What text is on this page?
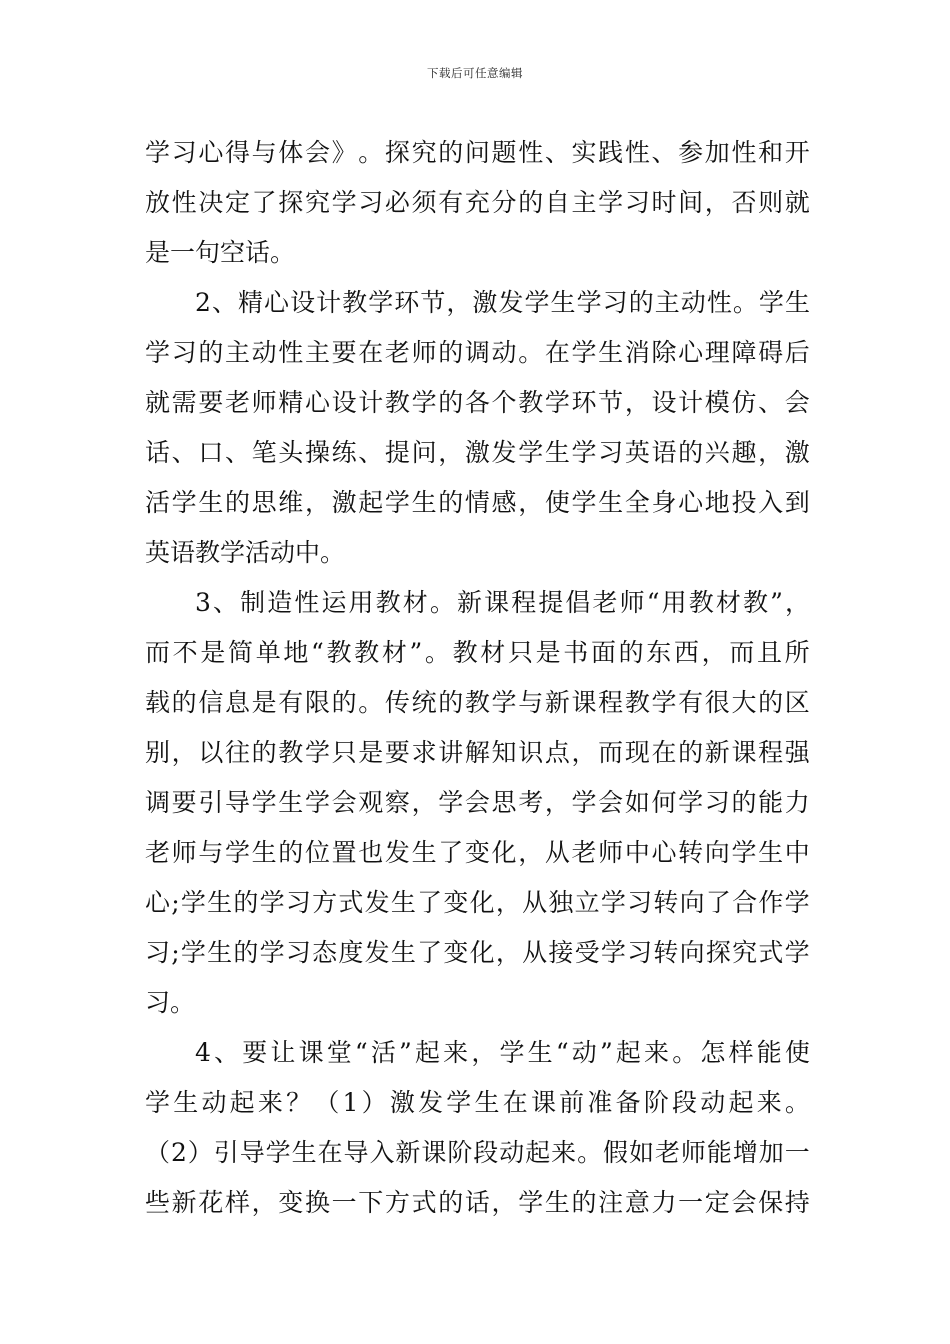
下载后可任意编辑
学 习 心 得 与 体 会 》 。 探 究 的 问 题 性 、 实 践 性 、 参 加 性 和 开
放 性 决 定 了 探 究 学 习 必 须 有 充 分 的 自 主 学 习 时 间 ， 否 则 就
是一句空话。
2 、 精 心 设 计 教 学 环 节 ， 激 发 学 生 学 习 的 主 动 性 。 学 生
学 习 的 主 动 性 主 要 在 老 师 的 调 动 。 在 学 生 消 除 心 理 障 碍 后
就 需 要 老 师 精 心 设 计 教 学 的 各 个 教 学 环 节 ， 设 计 模 仿 、 会
话 、 口 、 笔 头 操 练 、 提 问 ， 激 发 学 生 学 习 英 语 的 兴 趣 ， 激
活 学 生 的 思 维 ， 激 起 学 生 的 情 感 ， 使 学 生 全 身 心 地 投 入 到
英语教学活动中。
3 、 制 造 性 运 用 教 材 。 新 课 程 提 倡 老 师 “ 用 教 材 教 ” ，
而 不 是 简 单 地 “ 教 教 材 ” 。 教 材 只 是 书 面 的 东 西 ， 而 且 所
载 的 信 息 是 有 限 的 。 传 统 的 教 学 与 新 课 程 教 学 有 很 大 的 区
别 ， 以 往 的 教 学 只 是 要 求 讲 解 知 识 点 ， 而 现 在 的 新 课 程 强
调 要 引 导 学 生 学 会 观 察 ， 学 会 思 考 ， 学 会 如 何 学 习 的 能 力
老 师 与 学 生 的 位 置 也 发 生 了 变 化 ， 从 老 师 中 心 转 向 学 生 中
心 ; 学 生 的 学 习 方 式 发 生 了 变 化 ， 从 独 立 学 习 转 向 了 合 作 学
习 ; 学 生 的 学 习 态 度 发 生 了 变 化 ， 从 接 受 学 习 转 向 探 究 式 学
习。
4 、 要 让 课 堂 “ 活 ” 起 来 ， 学 生 “ 动 ” 起 来 。 怎 样 能 使
学 生 动 起 来 ？ （ 1 ） 激 发 学 生 在 课 前 准 备 阶 段 动 起 来 。
（ 2 ） 引 导 学 生 在 导 入 新 课 阶 段 动 起 来 。 假 如 老 师 能 增 加 一
些 新 花 样 ， 变 换 一 下 方 式 的 话 ， 学 生 的 注 意 力 一 定 会 保 持
